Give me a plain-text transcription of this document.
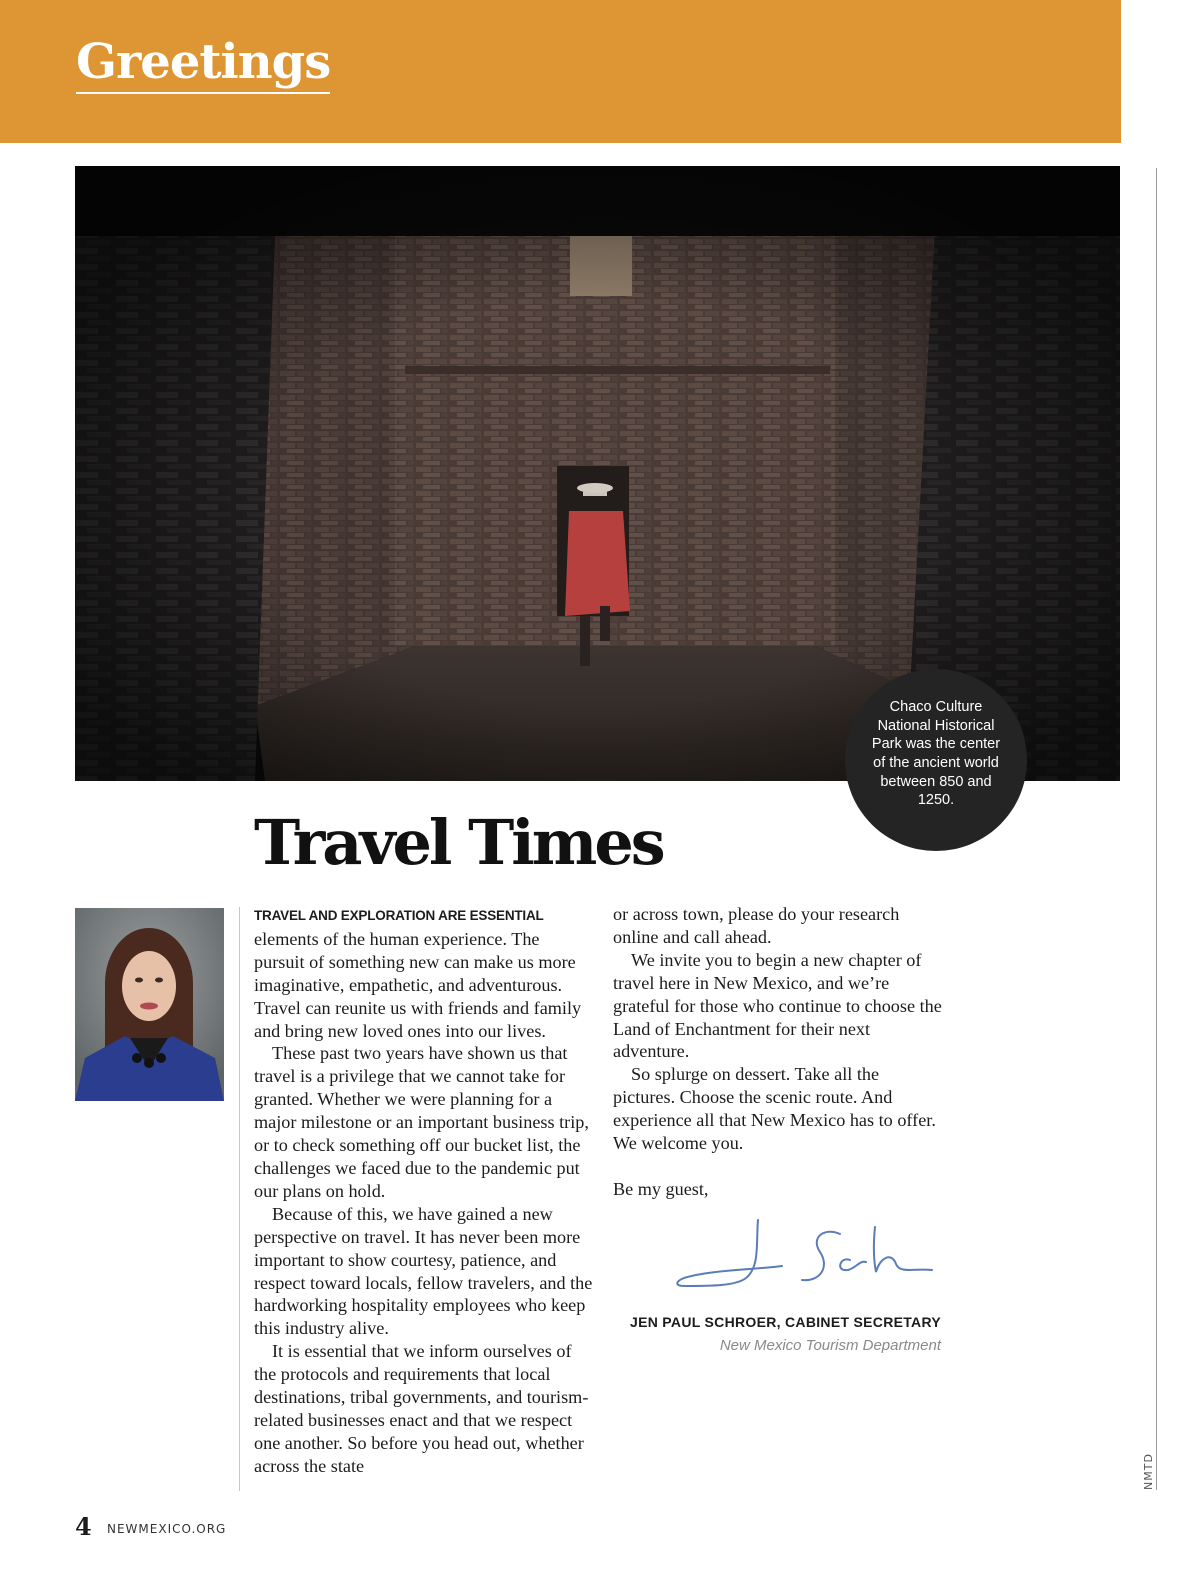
Greetings
NMTD
Chaco Culture National Historical Park was the center of the ancient world between 850 and 1250.
Travel Times

TRAVEL AND EXPLORATION ARE ESSENTIAL
elements of the human experience. The pursuit of something new can make us more imaginative, empathetic, and adventurous. Travel can reunite us with friends and family and bring new loved ones into our lives.

These past two years have shown us that travel is a privilege that we cannot take for granted. Whether we were planning for a major milestone or an important business trip, or to check something off our bucket list, the challenges we faced due to the pandemic put our plans on hold.

Because of this, we have gained a new perspective on travel. It has never been more important to show courtesy, patience, and respect toward locals, fellow travelers, and the hardworking hospitality employees who keep this industry alive.

It is essential that we inform ourselves of the protocols and requirements that local destinations, tribal governments, and tourism-related businesses enact and that we respect one another. So before you head out, whether across the state

or across town, please do your research online and call ahead.

We invite you to begin a new chapter of travel here in New Mexico, and we’re grateful for those who continue to choose the Land of Enchantment for their next adventure.

So splurge on dessert. Take all the pictures. Choose the scenic route. And experience all that New Mexico has to offer. We welcome you.

Be my guest,

JEN PAUL SCHROER, CABINET SECRETARY
New Mexico Tourism Department
4 NEWMEXICO.ORG
